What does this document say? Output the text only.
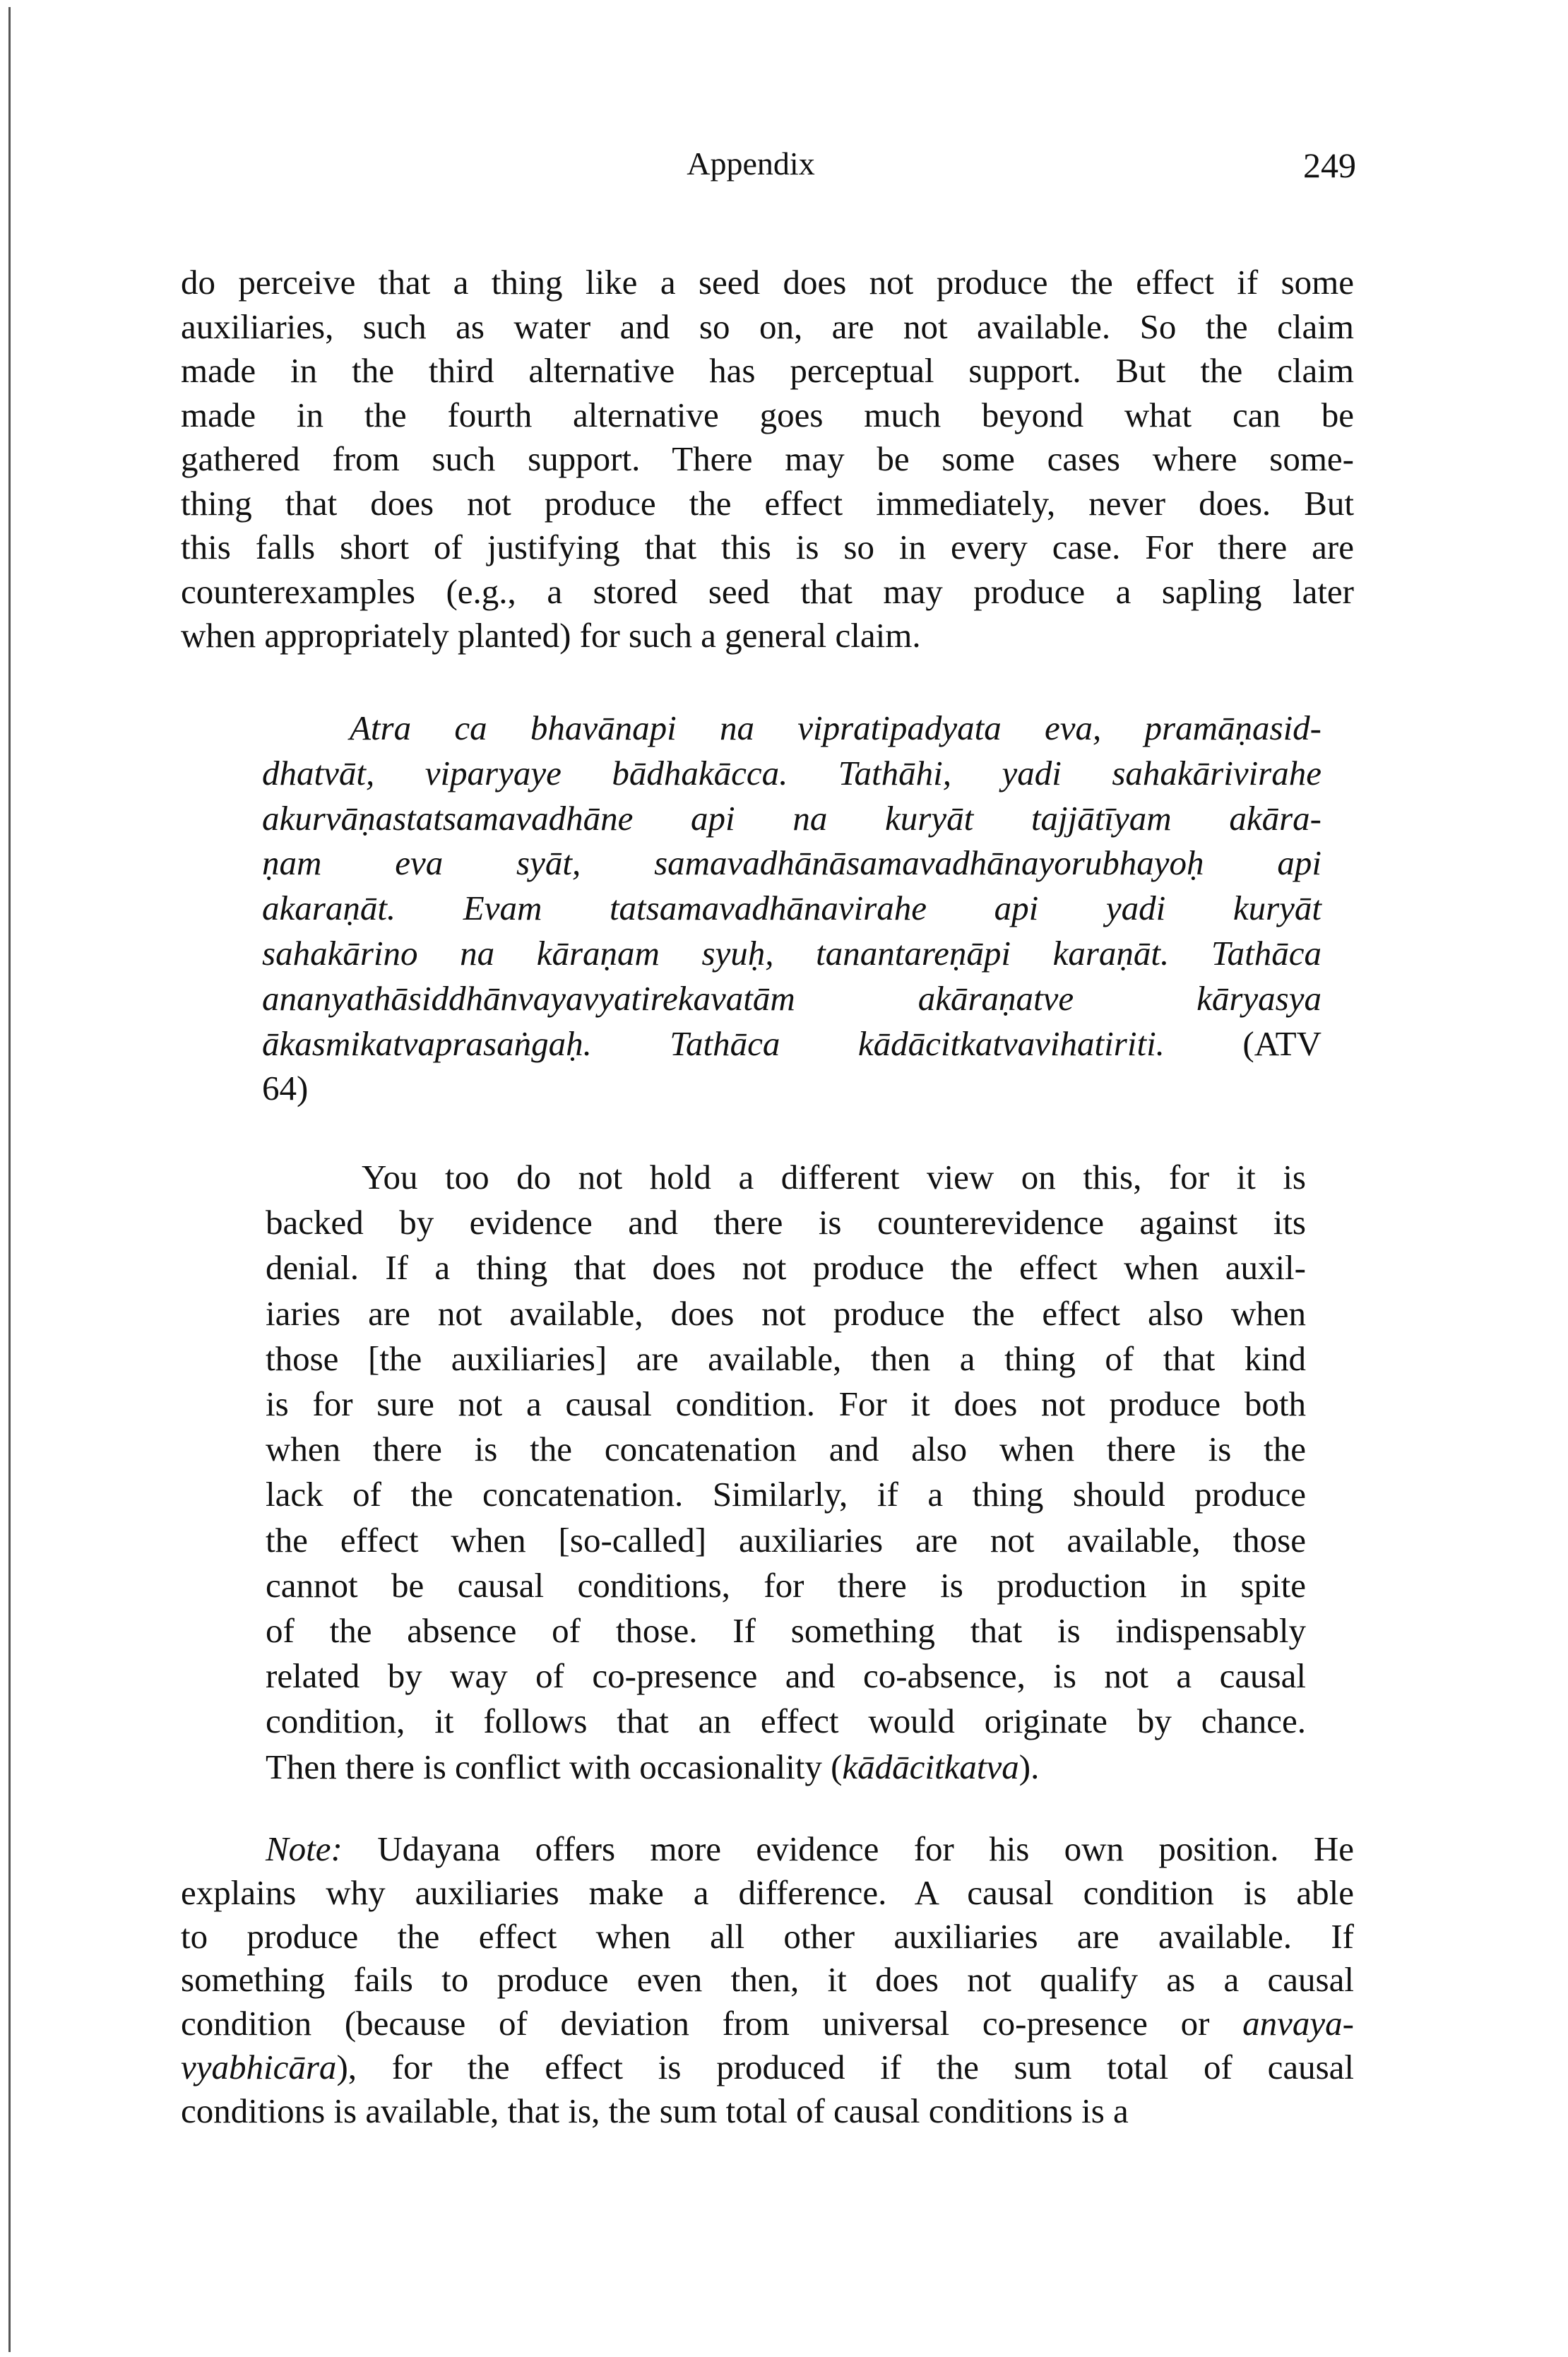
Appendix	249
do perceive that a thing like a seed does not produce the effect if some
auxiliaries, such as water and so on, are not available. So the claim
made in the third alternative has perceptual support. But the claim
made in the fourth alternative goes much beyond what can be
gathered from such support. There may be some cases where some-
thing that does not produce the effect immediately, never does. But
this falls short of justifying that this is so in every case. For there are
counterexamples (e.g., a stored seed that may produce a sapling later
when appropriately planted) for such a general claim.
Atra ca bhavānapi na vipratipadyata eva, pramāṇasid-
dhatvāt, viparyaye bādhakācca. Tathāhi, yadi sahakārivirahe
akurvāṇastatsamavadhāne api na kuryāt tajjātīyam akāra-
ṇam eva syāt, samavadhānāsamavadhānayorubhayoḥ api
akaraṇāt. Evam tatsamavadhānavirahe api yadi kuryāt
sahakārino na kāraṇam syuḥ, tanantareṇāpi karaṇāt. Tathāca
ananyathāsiddhānvayavyatirekavatām akāraṇatve kāryasya
ākasmikatvaprasaṅgaḥ. Tathāca kādācitkatvavihatiriti. (ATV
64)
You too do not hold a different view on this, for it is
backed by evidence and there is counterevidence against its
denial. If a thing that does not produce the effect when auxil-
iaries are not available, does not produce the effect also when
those [the auxiliaries] are available, then a thing of that kind
is for sure not a causal condition. For it does not produce both
when there is the concatenation and also when there is the
lack of the concatenation. Similarly, if a thing should produce
the effect when [so-called] auxiliaries are not available, those
cannot be causal conditions, for there is production in spite
of the absence of those. If something that is indispensably
related by way of co-presence and co-absence, is not a causal
condition, it follows that an effect would originate by chance.
Then there is conflict with occasionality (kādācitkatva).
Note: Udayana offers more evidence for his own position. He
explains why auxiliaries make a difference. A causal condition is able
to produce the effect when all other auxiliaries are available. If
something fails to produce even then, it does not qualify as a causal
condition (because of deviation from universal co-presence or anvaya-
vyabhicāra), for the effect is produced if the sum total of causal
conditions is available, that is, the sum total of causal conditions is a
